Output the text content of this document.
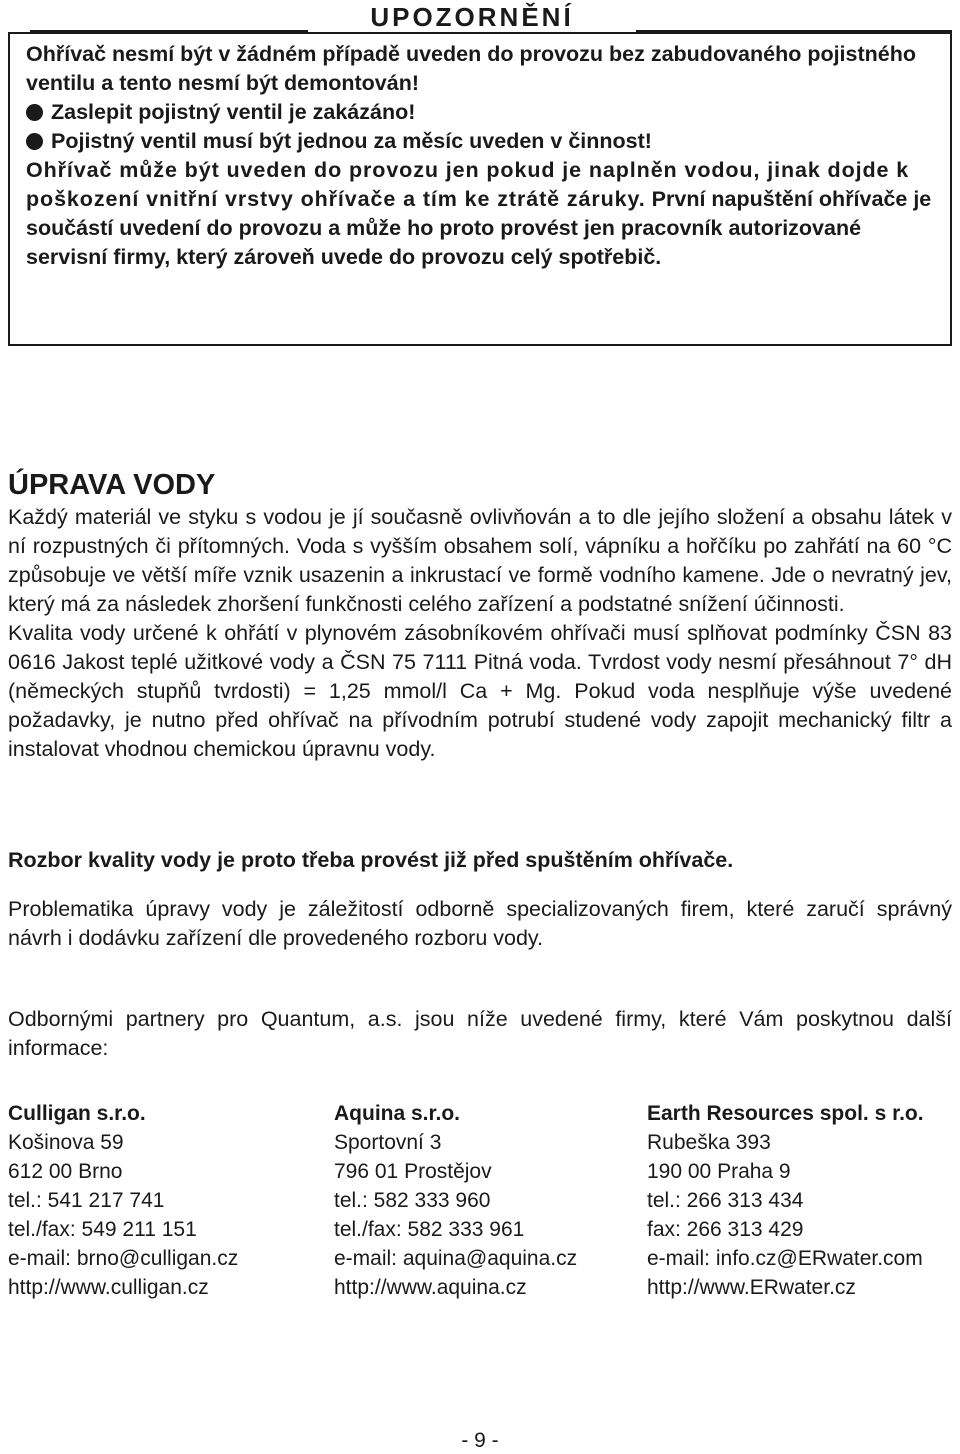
UPOZORNĚNÍ

Ohřívač nesmí být v žádném případě uveden do provozu bez zabudovaného pojistného ventilu a tento nesmí být demontován!

Zaslepit pojistný ventil je zakázáno!

Pojistný ventil musí být jednou za měsíc uveden v činnost!

Ohřívač může být uveden do provozu jen pokud je naplněn vodou, jinak dojde k poškození vnitřní vrstvy ohřívače a tím ke ztrátě záruky. První napuštění ohřívače je součástí uvedení do provozu a může ho proto provést jen pracovník autorizované servisní firmy, který zároveň uvede do provozu celý spotřebič.

ÚPRAVA VODY

Každý materiál ve styku s vodou je jí současně ovlivňován a to dle jejího složení a obsahu látek v ní rozpustných či přítomných. Voda s vyšším obsahem solí, vápníku a hořčíku po zahřátí na 60 °C způsobuje ve větší míře vznik usazenin a inkrustací ve formě vodního kamene. Jde o nevratný jev, který má za následek zhoršení funkčnosti celého zařízení a podstatné snížení účinnosti.

Kvalita vody určené k ohřátí v plynovém zásobníkovém ohřívači musí splňovat podmínky ČSN 83 0616 Jakost teplé užitkové vody a ČSN 75 7111 Pitná voda. Tvrdost vody nesmí přesáhnout 7° dH (německých stupňů tvrdosti) = 1,25 mmol/l Ca + Mg. Pokud voda nesplňuje výše uvedené požadavky, je nutno před ohřívač na přívodním potrubí studené vody zapojit mechanický filtr a instalovat vhodnou chemickou úpravnu vody.

Rozbor kvality vody je proto třeba provést již před spuštěním ohřívače.

Problematika úpravy vody je záležitostí odborně specializovaných firem, které zaručí správný návrh i dodávku zařízení dle provedeného rozboru vody.

Odbornými partnery pro Quantum, a.s. jsou níže uvedené firmy, které Vám poskytnou další informace:

Culligan s.r.o.
Košinova 59
612 00 Brno
tel.: 541 217 741
tel./fax: 549 211 151
e-mail: brno@culligan.cz
http://www.culligan.cz
Aquina s.r.o.
Sportovní 3
796 01 Prostějov
tel.: 582 333 960
tel./fax: 582 333 961
e-mail: aquina@aquina.cz
http://www.aquina.cz
Earth Resources spol. s r.o.
Rubeška 393
190 00 Praha 9
tel.: 266 313 434
fax: 266 313 429
e-mail: info.cz@ERwater.com
http://www.ERwater.cz
- 9 -
